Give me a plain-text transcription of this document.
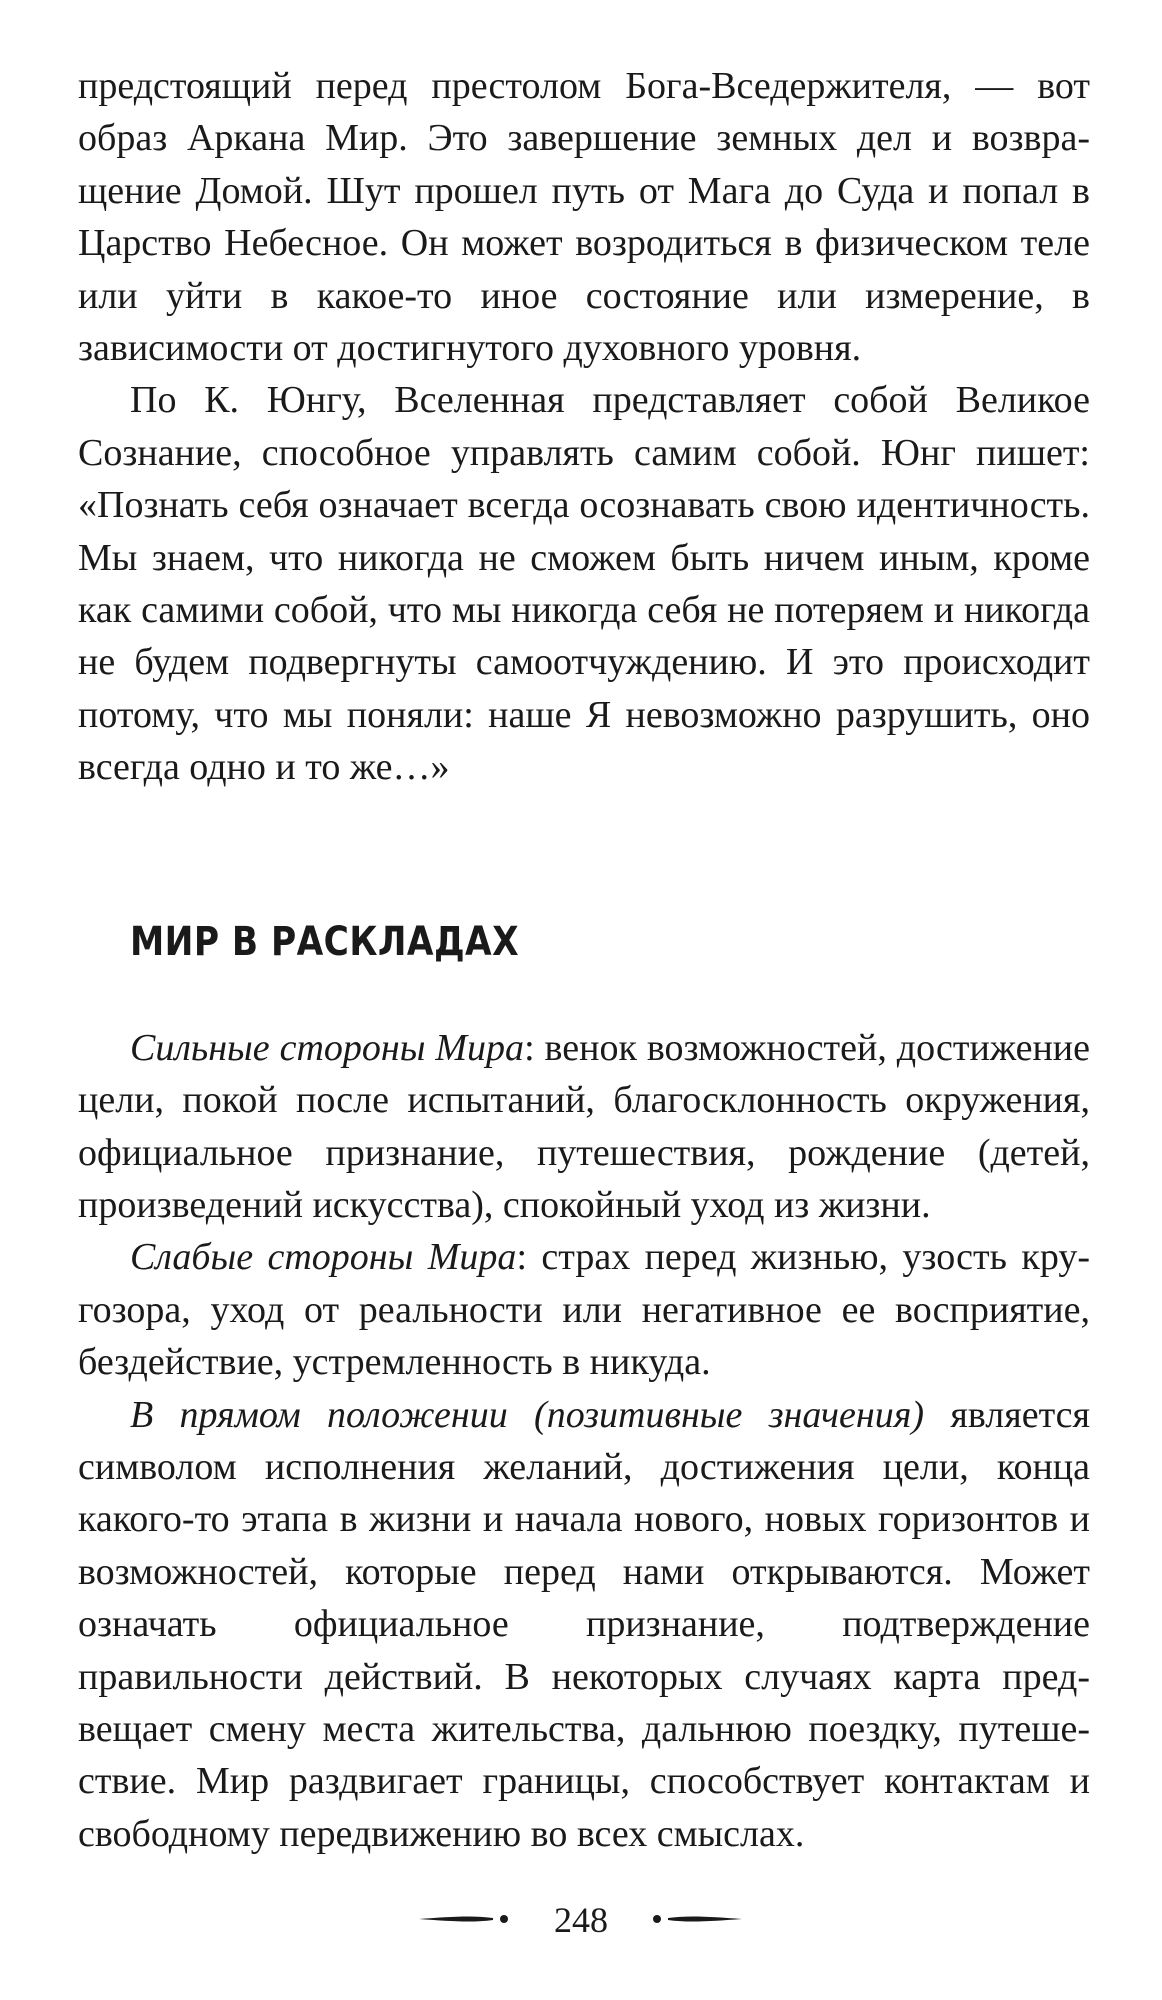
предстоящий перед престолом Бога-Вседержителя, — вот образ Аркана Мир. Это завершение земных дел и возвращение Домой. Шут прошел путь от Мага до Суда и попал в Царство Небесное. Он может возродиться в физическом теле или уйти в какое-то иное состояние или измерение, в зависимости от достигнутого духовного уровня.

По К. Юнгу, Вселенная представляет собой Великое Сознание, способное управлять самим собой. Юнг пишет: «Познать себя означает всегда осознавать свою идентичность. Мы знаем, что никогда не сможем быть ничем иным, кроме как самими собой, что мы никогда себя не потеряем и никогда не будем подвергнуты самоотчуждению. И это происходит потому, что мы поняли: наше Я невозможно разрушить, оно всегда одно и то же…»

МИР В РАСКЛАДАХ

Сильные стороны Мира: венок возможностей, достижение цели, покой после испытаний, благосклонность окружения, официальное признание, путешествия, рождение (детей, произведений искусства), спокойный уход из жизни.

Слабые стороны Мира: страх перед жизнью, узость кругозора, уход от реальности или негативное ее восприятие, бездействие, устремленность в никуда.

В прямом положении (позитивные значения) является символом исполнения желаний, достижения цели, конца какого-то этапа в жизни и начала нового, новых горизонтов и возможностей, которые перед нами открываются. Может означать официальное признание, подтверждение правильности действий. В некоторых случаях карта предвещает смену места жительства, дальнюю поездку, путешествие. Мир раздвигает границы, способствует контактам и свободному передвижению во всех смыслах.

248
